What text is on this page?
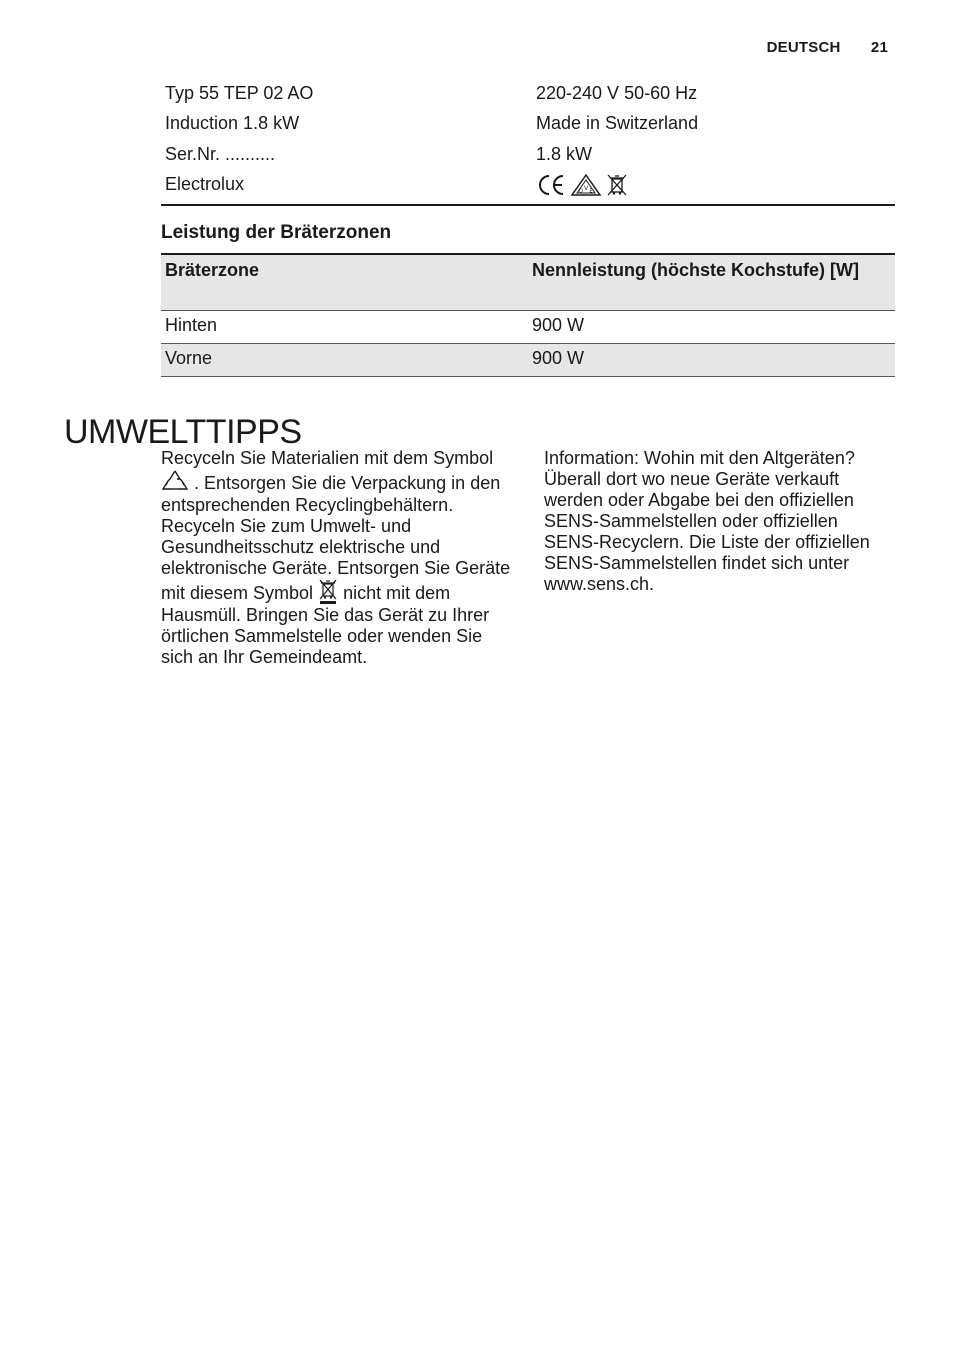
DEUTSCH 21
Typ 55 TEP 02 AO	220-240 V 50-60 Hz
Induction 1.8 kW	Made in Switzerland
Ser.Nr. ..........	1.8 kW
Electrolux	V
D E
Leistung der Bräterzonen
Bräterzone	Nennleistung (höchste Kochstufe) [W]
Hinten	900 W
Vorne	900 W
UMWELTTIPPS

Recyceln Sie Materialien mit dem Symbol

. Entsorgen Sie die Verpackung in den

entsprechenden Recyclingbehältern. Recyceln Sie zum Umwelt- und Gesundheitsschutz elektrische und elektronische Geräte. Entsorgen Sie Geräte

mit diesem Symbol nicht mit dem

Hausmüll. Bringen Sie das Gerät zu Ihrer örtlichen Sammelstelle oder wenden Sie sich an Ihr Gemeindeamt.

Information: Wohin mit den Altgeräten? Überall dort wo neue Geräte verkauft werden oder Abgabe bei den offiziellen SENS-Sammelstellen oder offiziellen SENS-Recyclern. Die Liste der offiziellen SENS-Sammelstellen findet sich unter www.sens.ch.
